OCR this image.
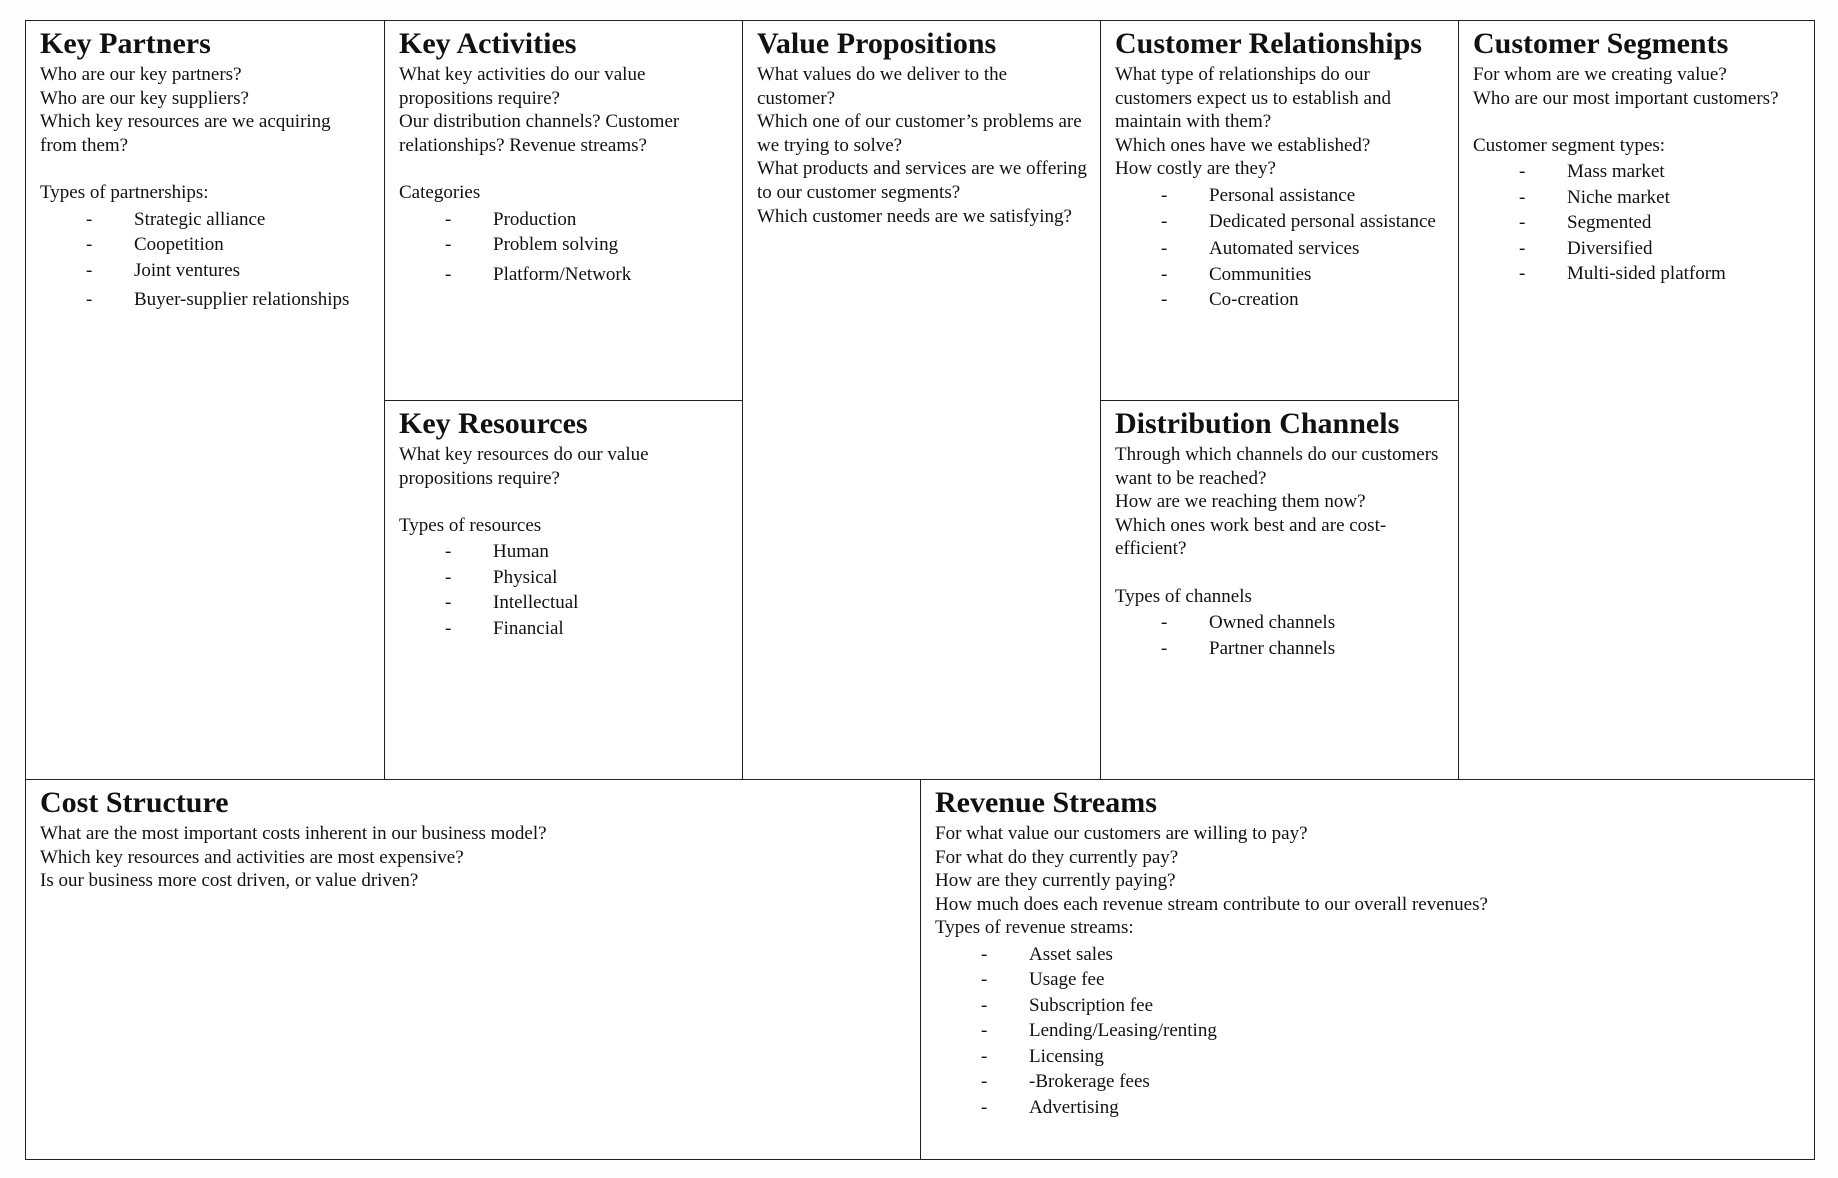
Key Partners

Who are our key partners?

Who are our key suppliers?

Which key resources are we acquiring from them?

Types of partnerships:

- Strategic alliance
- Coopetition
- Joint ventures
- Buyer-supplier relationships
Key Activities

What key activities do our value propositions require?

Our distribution channels? Customer relationships? Revenue streams?

Categories

- Production
- Problem solving
- Platform/Network
Key Resources

What key resources do our value propositions require?

Types of resources

- Human
- Physical
- Intellectual
- Financial
Value Propositions

What values do we deliver to the customer?

Which one of our customer’s problems are we trying to solve?

What products and services are we offering to our customer segments?

Which customer needs are we satisfying?

Customer Relationships

What type of relationships do our customers expect us to establish and maintain with them?

Which ones have we established?

How costly are they?

- Personal assistance
- Dedicated personal assistance
- Automated services
- Communities
- Co-creation
Distribution Channels

Through which channels do our customers want to be reached?

How are we reaching them now?

Which ones work best and are cost-efficient?

Types of channels

- Owned channels
- Partner channels
Customer Segments

For whom are we creating value?

Who are our most important customers?

Customer segment types:

- Mass market
- Niche market
- Segmented
- Diversified
- Multi-sided platform
Cost Structure

What are the most important costs inherent in our business model?

Which key resources and activities are most expensive?

Is our business more cost driven, or value driven?

Revenue Streams

For what value our customers are willing to pay?

For what do they currently pay?

How are they currently paying?

How much does each revenue stream contribute to our overall revenues?

Types of revenue streams:

- Asset sales
- Usage fee
- Subscription fee
- Lending/Leasing/renting
- Licensing
- -Brokerage fees
- Advertising
